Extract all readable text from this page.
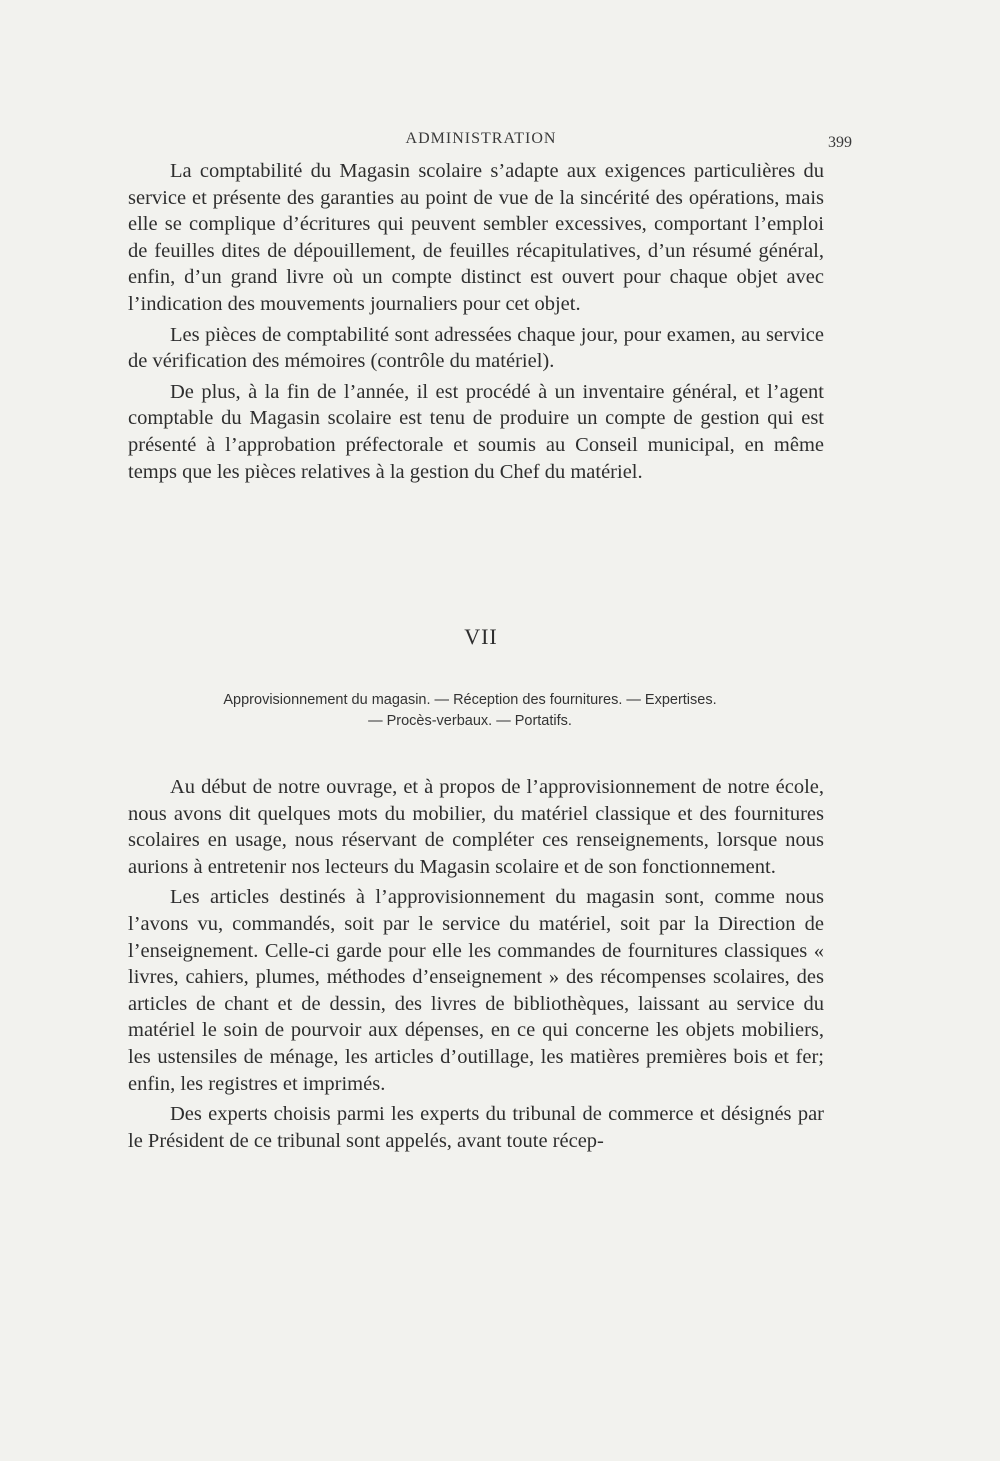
ADMINISTRATION	399

La comptabilité du Magasin scolaire s’adapte aux exigences particulières du service et présente des garanties au point de vue de la sincérité des opérations, mais elle se complique d’écritures qui peuvent sembler excessives, comportant l’emploi de feuilles dites de dépouillement, de feuilles récapitulatives, d’un résumé général, enfin, d’un grand livre où un compte distinct est ouvert pour chaque objet avec l’indication des mouvements journaliers pour cet objet.

Les pièces de comptabilité sont adressées chaque jour, pour examen, au service de vérification des mémoires (contrôle du matériel).

De plus, à la fin de l’année, il est procédé à un inventaire général, et l’agent comptable du Magasin scolaire est tenu de produire un compte de gestion qui est présenté à l’approbation préfectorale et soumis au Conseil municipal, en même temps que les pièces relatives à la gestion du Chef du matériel.

VII
Approvisionnement du magasin. — Réception des fournitures. — Expertises.
— Procès-verbaux. — Portatifs.

Au début de notre ouvrage, et à propos de l’approvisionnement de notre école, nous avons dit quelques mots du mobilier, du matériel classique et des fournitures scolaires en usage, nous réservant de compléter ces renseignements, lorsque nous aurions à entretenir nos lecteurs du Magasin scolaire et de son fonctionnement.

Les articles destinés à l’approvisionnement du magasin sont, comme nous l’avons vu, commandés, soit par le service du matériel, soit par la Direction de l’enseignement. Celle-ci garde pour elle les commandes de fournitures classiques « livres, cahiers, plumes, méthodes d’enseignement » des récompenses scolaires, des articles de chant et de dessin, des livres de bibliothèques, laissant au service du matériel le soin de pourvoir aux dépenses, en ce qui concerne les objets mobiliers, les ustensiles de ménage, les articles d’outillage, les matières premières bois et fer; enfin, les registres et imprimés.

Des experts choisis parmi les experts du tribunal de commerce et désignés par le Président de ce tribunal sont appelés, avant toute récep-
